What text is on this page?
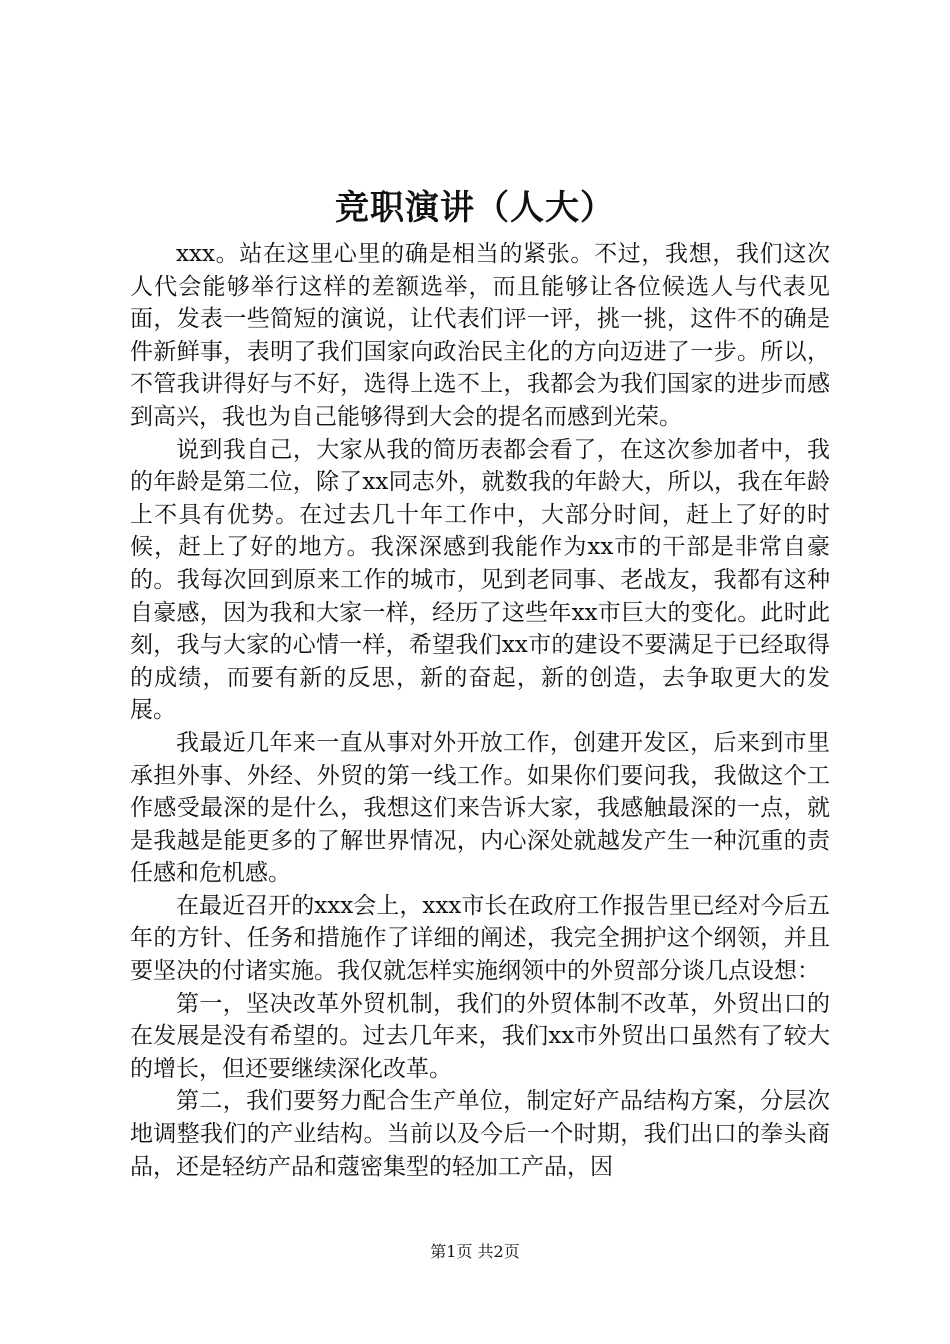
竞职演讲（人大）

xxx。站在这里心里的确是相当的紧张。不过，我想，我们这次人代会能够举行这样的差额选举，而且能够让各位候选人与代表见面，发表一些简短的演说，让代表们评一评，挑一挑，这件不的确是件新鲜事，表明了我们国家向政治民主化的方向迈进了一步。所以，不管我讲得好与不好，选得上选不上，我都会为我们国家的进步而感到高兴，我也为自己能够得到大会的提名而感到光荣。

说到我自己，大家从我的简历表都会看了，在这次参加者中，我的年龄是第二位，除了xx同志外，就数我的年龄大，所以，我在年龄上不具有优势。在过去几十年工作中，大部分时间，赶上了好的时候，赶上了好的地方。我深深感到我能作为xx市的干部是非常自豪的。我每次回到原来工作的城市，见到老同事、老战友，我都有这种自豪感，因为我和大家一样，经历了这些年xx市巨大的变化。此时此刻，我与大家的心情一样，希望我们xx市的建设不要满足于已经取得的成绩，而要有新的反思，新的奋起，新的创造，去争取更大的发展。

我最近几年来一直从事对外开放工作，创建开发区，后来到市里承担外事、外经、外贸的第一线工作。如果你们要问我，我做这个工作感受最深的是什么，我想这们来告诉大家，我感触最深的一点，就是我越是能更多的了解世界情况，内心深处就越发产生一种沉重的责任感和危机感。

在最近召开的xxx会上，xxx市长在政府工作报告里已经对今后五年的方针、任务和措施作了详细的阐述，我完全拥护这个纲领，并且要坚决的付诸实施。我仅就怎样实施纲领中的外贸部分谈几点设想：

第一，坚决改革外贸机制，我们的外贸体制不改革，外贸出口的在发展是没有希望的。过去几年来，我们xx市外贸出口虽然有了较大的增长，但还要继续深化改革。

第二，我们要努力配合生产单位，制定好产品结构方案，分层次地调整我们的产业结构。当前以及今后一个时期，我们出口的拳头商品，还是轻纺产品和蔻密集型的轻加工产品，因

第1页 共2页
